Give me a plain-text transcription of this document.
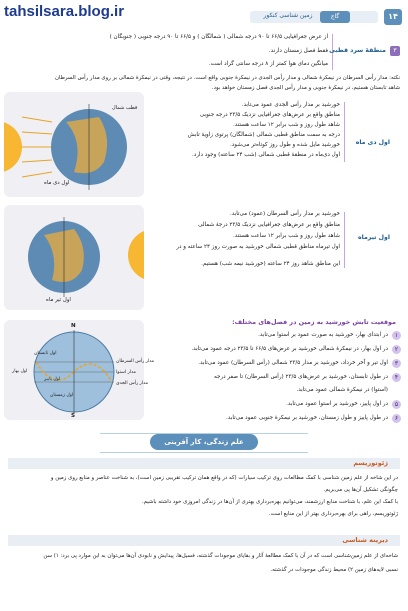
tahsilsara.blog.ir	زمین شناسی کنکور	گاج	۱۴
از عرض جغرافیایی ۶۶/۵ تا ۹۰ درجه شمالی ( شمالگان ) و ۶۶/۵ تا ۹۰ درجه جنوبی ( جنوبگان )
فقط فصل زمستان دارند.
میانگین دمای هوا کمتر از ۸ درجه سانتی گراد است.
منطقهٔ سرد قطبی	۳
نکته: مدار رأس السرطان در نیمکرهٔ شمالی و مدار رأس الجدی در نیمکرهٔ جنوبی واقع است. در نتیجه، وقتی در نیمکرهٔ شمالی بر روی مدار رأس السرطان
شاهد تابستان هستیم، در نیمکرهٔ جنوبی و مدار رأس الجدی فصل زمستان خواهد بود.
اول دی ماه
قطب شمال	خورشید بر مدار رأس الجدی عمود می‌تابد.
مناطق واقع بر عرض‌های جغرافیایی نزدیک ۲۳/۵ درجه جنوبی
شاهد طول روز و شب برابر ۱۲ ساعت هستند.
درجه به سمت مناطق قطبی شمالی (شمالگان) پرتوی زاویهٔ تابش
خورشید مایل شده و طول روز کوتاه‌تر می‌شود.
اول دی‌ماه در منطقهٔ قطبی شمالی (شب ۲۴ ساعته) وجود دارد.
اول دی ماه
اول تیر ماه
خورشید بر مدار رأس السرطان (عمود) می‌تابد.
مناطق واقع بر عرض‌های جغرافیایی نزدیک ۲۳/۵ درجهٔ شمالی
شاهد طول روز و شب برابر ۱۲ ساعت هستند.
اول تیرماه مناطق قطبی شمالی خورشید به صورت روز ۲۴ ساعته و در
این مناطق شاهد روز ۲۴ ساعته (خورشید نیمه شب) هستیم.
اول تیرماه
N
S
مدار رأس السرطان
مدار استوا
مدار رأس الجدی
اول تابستان
اول بهار
اول پاییز
اول زمستان
موقعیت تابش خورشید به زمین در فصل‌های مختلف:
۱
در ابتدای بهار، خورشید به صورت عمود بر استوا می‌تابد.
۲
در اول بهار، در نیمکرهٔ شمالی خورشید بر عرض‌های ۶۶/۵ تا ۲۳/۵ درجه عمود می‌تابد.
۳
اول تیر و آخر خرداد، خورشید بر مدار ۲۳/۵ شمالی (رأس السرطان) عمود می‌تابد.
۴
در طول تابستان، خورشید بر عرض‌های ۲۳/۵ (رأس السرطان) تا صفر درجه
(استوا) در نیمکرهٔ شمالی عمود می‌تابد.
۵
در اول پاییز، خورشید بر استوا عمود می‌تابد.
۶
در طول پاییز و طول زمستان، خورشید بر نیمکرهٔ جنوبی عمود می‌تابد.
علم زندگی، کار آفرینی
ژئوتوریسم
در این شاخه از علم زمین شناسی با کمک مطالعات روی ترکیب سیارات (که در واقع همان ترکیب تقریبی زمین است)، به شناخت عناصر و منابع روی زمین و
چگونگی تشکیل آن‌ها پی می‌بریم.
با کمک این علم، با شناخت منابع ارزشمند، می‌توانیم بهره‌برداری بهتری از آن‌ها در زندگی امروزی خود داشته باشیم.
ژئوتوریسم، راهی برای بهره‌برداری بهتر از این منابع است.
دیرینه شناسی
شاخه‌ای از علم زمین‌شناسی است که در آن با کمک مطالعهٔ آثار و بقایای موجودات گذشته، فسیل‌ها، پیدایش و نابودی آن‌ها می‌توان به این موارد پی برد: ۱) سن
نسبی لایه‌های زمین ۲) محیط زندگی موجودات در گذشته.
